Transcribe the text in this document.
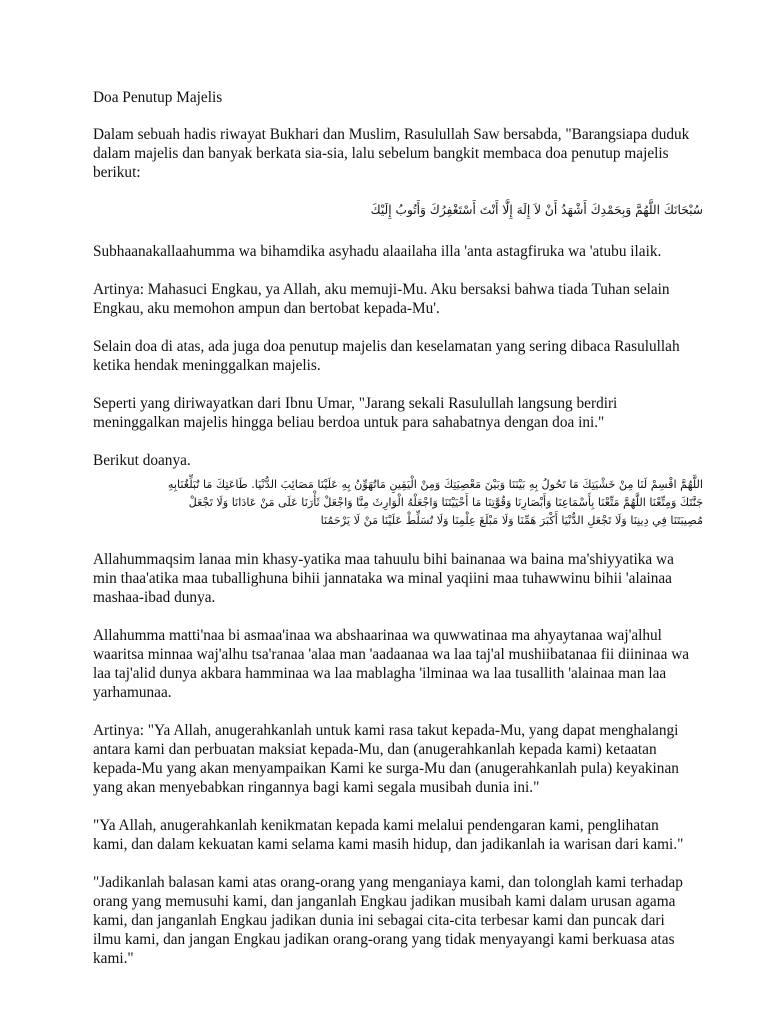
Doa Penutup Majelis

Dalam sebuah hadis riwayat Bukhari dan Muslim, Rasulullah Saw bersabda, "Barangsiapa duduk dalam majelis dan banyak berkata sia-sia, lalu sebelum bangkit membaca doa penutup majelis berikut:

سُبْحَانَكَ اللَّهُمَّ وَبِحَمْدِكَ أَشْهَدُ أَنْ لاَ إِلَهَ إِلَّا أَنْتَ أَسْتَغْفِرُكَ وَأَتُوبُ إِلَيْكَ

Subhaanakallaahumma wa bihamdika asyhadu alaailaha illa 'anta astagfiruka wa 'atubu ilaik.

Artinya: Mahasuci Engkau, ya Allah, aku memuji-Mu. Aku bersaksi bahwa tiada Tuhan selain Engkau, aku memohon ampun dan bertobat kepada-Mu'.

Selain doa di atas, ada juga doa penutup majelis dan keselamatan yang sering dibaca Rasulullah ketika hendak meninggalkan majelis.

Seperti yang diriwayatkan dari Ibnu Umar, "Jarang sekali Rasulullah langsung berdiri meninggalkan majelis hingga beliau berdoa untuk para sahabatnya dengan doa ini."

Berikut doanya.

اللَّهُمَّ اقْسِمْ لَنَا مِنْ خَشْيَتِكَ مَا تَحُولُ بِهِ بَيْنَنَا وَبَيْنَ مَعْصِيَتِكَ وَمِنْ الْيَقِينِ مَاتُهَوِّنُ بِهِ عَلَيْنَا مَصَائِبَ الدُّنْيَا. طَاعَتِكَ مَا تُبَلِّغُنَابِهِ
جَنَّتَكَ وَمِتِّعْنَا اللَّهُمَّ مَتِّعْنَا بِأَسْمَاعِنَا وَأَبْصَارِنَا وَقُوَّتِنَا مَا أَحْيَيْتَنَا وَاجْعَلْهُ الْوَارِثَ مِنَّا وَاجْعَلْ ثَأْرَنَا عَلَى مَنْ عَادَانَا وَلَا تَجْعَلْ
مُصِيبَتَنَا فِي دِينِنَا وَلَا تَجْعَلِ الدُّنْيَا أَكْبَرَ هَمِّنَا وَلَا مَبْلَغَ عِلْمِنَا وَلَا تُسَلِّطْ عَلَيْنَا مَنْ لَا يَرْحَمُنَا

Allahummaqsim lanaa min khasy-yatika maa tahuulu bihi bainanaa wa baina ma'shiyyatika wa min thaa'atika maa tuballighuna bihii jannataka wa minal yaqiini maa tuhawwinu bihii 'alainaa mashaa-ibad dunya.

Allahumma matti'naa bi asmaa'inaa wa abshaarinaa wa quwwatinaa ma ahyaytanaa waj'alhul waaritsa minnaa waj'alhu tsa'ranaa 'alaa man 'aadaanaa wa laa taj'al mushiibatanaa fii diininaa wa laa taj'alid dunya akbara hamminaa wa laa mablagha 'ilminaa wa laa tusallith 'alainaa man laa yarhamunaa.

Artinya: "Ya Allah, anugerahkanlah untuk kami rasa takut kepada-Mu, yang dapat menghalangi antara kami dan perbuatan maksiat kepada-Mu, dan (anugerahkanlah kepada kami) ketaatan kepada-Mu yang akan menyampaikan Kami ke surga-Mu dan (anugerahkanlah pula) keyakinan yang akan menyebabkan ringannya bagi kami segala musibah dunia ini."

"Ya Allah, anugerahkanlah kenikmatan kepada kami melalui pendengaran kami, penglihatan kami, dan dalam kekuatan kami selama kami masih hidup, dan jadikanlah ia warisan dari kami."

"Jadikanlah balasan kami atas orang-orang yang menganiaya kami, dan tolonglah kami terhadap orang yang memusuhi kami, dan janganlah Engkau jadikan musibah kami dalam urusan agama kami, dan janganlah Engkau jadikan dunia ini sebagai cita-cita terbesar kami dan puncak dari ilmu kami, dan jangan Engkau jadikan orang-orang yang tidak menyayangi kami berkuasa atas kami."
